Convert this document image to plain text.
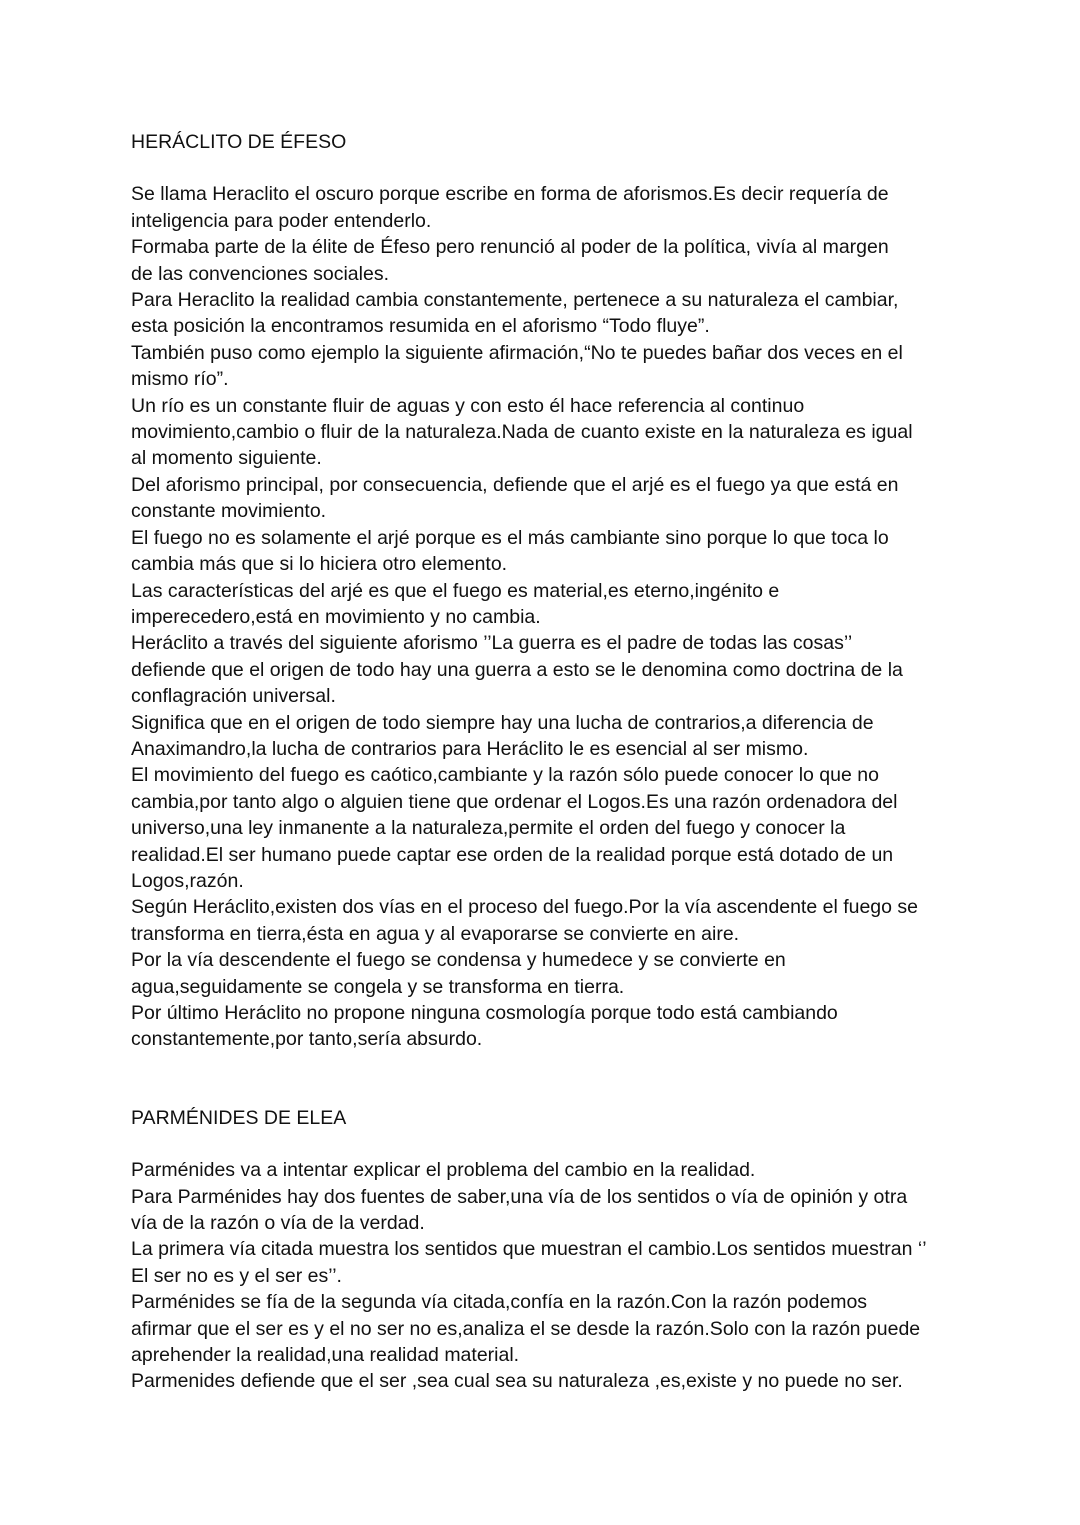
HERÁCLITO DE ÉFESO

Se llama Heraclito el oscuro porque escribe en forma de aforismos.Es decir requería de
inteligencia para poder entenderlo.

Formaba parte de la élite de Éfeso pero renunció al poder de la política, vivía al margen
de las convenciones sociales.

Para Heraclito la realidad cambia constantemente, pertenece a su naturaleza el cambiar,
esta posición la encontramos resumida en el aforismo “Todo fluye”.

También puso como ejemplo la siguiente afirmación,“No te puedes bañar dos veces en el
mismo río”.

Un río es un constante fluir de aguas y con esto él hace referencia al continuo
movimiento,cambio o fluir de la naturaleza.Nada de cuanto existe en la naturaleza es igual
al momento siguiente.

Del aforismo principal, por consecuencia, defiende que el arjé es el fuego ya que está en
constante movimiento.

El fuego no es solamente el arjé porque es el más cambiante sino porque lo que toca lo
cambia más que si lo hiciera otro elemento.

Las características del arjé es que el fuego es material,es eterno,ingénito e
imperecedero,está en movimiento y no cambia.

Heráclito a través del siguiente aforismo ’’La guerra es el padre de todas las cosas’’
defiende que el origen de todo hay una guerra a esto se le denomina como doctrina de la
conflagración universal.

Significa que en el origen de todo siempre hay una lucha de contrarios,a diferencia de
Anaximandro,la lucha de contrarios para Heráclito le es esencial al ser mismo.

El movimiento del fuego es caótico,cambiante y la razón sólo puede conocer lo que no
cambia,por tanto algo o alguien tiene que ordenar el Logos.Es una razón ordenadora del
universo,una ley inmanente a la naturaleza,permite el orden del fuego y conocer la
realidad.El ser humano puede captar ese orden de la realidad porque está dotado de un
Logos,razón.

Según Heráclito,existen dos vías en el proceso del fuego.Por la vía ascendente el fuego se
transforma en tierra,ésta en agua y al evaporarse se convierte en aire.

Por la vía descendente el fuego se condensa y humedece y se convierte en
agua,seguidamente se congela y se transforma en tierra.

Por último Heráclito no propone ninguna cosmología porque todo está cambiando
constantemente,por tanto,sería absurdo.

PARMÉNIDES DE ELEA

Parménides va a intentar explicar el problema del cambio en la realidad.

Para Parménides hay dos fuentes de saber,una vía de los sentidos o vía de opinión y otra
vía de la razón o vía de la verdad.

La primera vía citada muestra los sentidos que muestran el cambio.Los sentidos muestran ‘’
El ser no es y el ser es’’.

Parménides se fía de la segunda vía citada,confía en la razón.Con la razón podemos
afirmar que el ser es y el no ser no es,analiza el se desde la razón.Solo con la razón puede
aprehender la realidad,una realidad material.

Parmenides defiende que el ser ,sea cual sea su naturaleza ,es,existe y no puede no ser.
